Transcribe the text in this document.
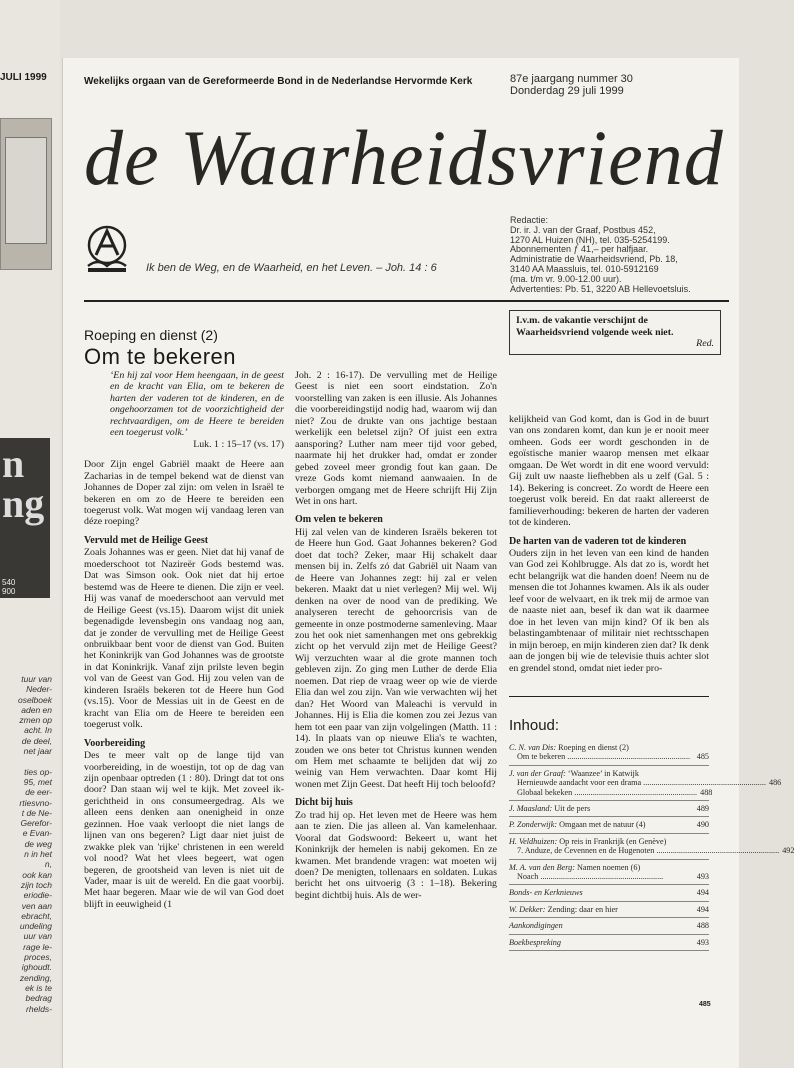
JULI 1999
n
ng
540
900
tuur van
Neder-
oselboek
aden en
zmen op
acht. In
de deel,
net jaar

ties op-
95, met
de eer-
rtiesvno-
t de Ne-
Gerefor-
e Evan-
de weg
n in het
n,
ook kan
zijn toch
eriodie-
ven aan
ebracht,
undeling
uur van
rage le-
proces,
ighoudt.
zending,
ek is te
bedrag
rhelds-
Wekelijks orgaan van de Gereformeerde Bond in de Nederlandse Hervormde Kerk	87e jaargang nummer 30
Donderdag 29 juli 1999
de Waarheidsvriend
Ik ben de Weg, en de Waarheid, en het Leven. – Joh. 14 : 6
Redactie:
Dr. ir. J. van der Graaf, Postbus 452,
1270 AL Huizen (NH), tel. 035-5254199.
Abonnementen ƒ 41,– per halfjaar.
Administratie de Waarheidsvriend, Pb. 18,
3140 AA Maassluis, tel. 010-5912169
(ma. t/m vr. 9.00-12.00 uur).
Advertenties: Pb. 51, 3220 AB Hellevoetsluis.
Roeping en dienst (2)
Om te bekeren

‘En hij zal voor Hem heengaan, in de geest en de kracht van Elia, om te bekeren de harten der vaderen tot de kinderen, en de ongehoorzamen tot de voorzichtigheid der rechtvaardigen, om de Heere te bereiden een toegerust volk.’

Luk. 1 : 15–17 (vs. 17)

Door Zijn engel Gabriël maakt de Heere aan Zacharias in de tempel bekend wat de dienst van Johannes de Doper zal zijn: om velen in Israël te bekeren en om zo de Heere te bereiden een toegerust volk. Wat mogen wij vandaag leren van déze roeping?

Vervuld met de Heilige Geest

Zoals Johannes was er geen. Niet dat hij vanaf de moederschoot tot Nazireër Gods bestemd was. Dat was Simson ook. Ook niet dat hij ertoe bestemd was de Heere te dienen. Die zijn er veel. Hij was vanaf de moederschoot aan vervuld met de Heilige Geest (vs.15). Daarom wijst dit uniek begenadigde levensbegin ons vandaag nog aan, dat je zonder de vervulling met de Heilige Geest onbruikbaar bent voor de dienst van God. Buiten het Koninkrijk van God Johannes was de grootste in dat Koninkrijk. Vanaf zijn prilste leven begin vol van de Geest van God. Hij zou velen van de kinderen Israëls bekeren tot de Heere hun God (vs.15). Voor de Messias uit in de Geest en de kracht van Elia om de Heere te bereiden een toegerust volk.

Voorbereiding

Des te meer valt op de lange tijd van voorbereiding, in de woestijn, tot op de dag van zijn openbaar optreden (1 : 80). Dringt dat tot ons door? Dan staan wij wel te kijk. Met zoveel ik-gerichtheid in ons consumeergedrag. Als we alleen eens denken aan onenigheid in onze gezinnen. Hoe vaak verloopt die niet langs de lijnen van ons begeren? Ligt daar niet juist de zwakke plek van 'rijke' christenen in een wereld vol nood? Wat het vlees begeert, wat ogen begeren, de grootsheid van leven is niet uit de Vader, maar is uit de wereld. En die gaat voorbij. Met haar begeren. Maar wie de wil van God doet blijft in eeuwigheid (1

Joh. 2 : 16-17). De vervulling met de Heilige Geest is niet een soort eindstation. Zo'n voorstelling van zaken is een illusie. Als Johannes die voorbereidingstijd nodig had, waarom wij dan niet? Zou de drukte van ons jachtige bestaan werkelijk een beletsel zijn? Of juist een extra aansporing? Luther nam meer tijd voor gebed, naarmate hij het drukker had, omdat er zonder gebed zoveel meer grondig fout kan gaan. De vreze Gods komt niemand aanwaaien. In de verborgen omgang met de Heere schrijft Hij Zijn Wet in ons hart.

Om velen te bekeren

Hij zal velen van de kinderen Israëls bekeren tot de Heere hun God. Gaat Johannes bekeren? God doet dat toch? Zeker, maar Hij schakelt daar mensen bij in. Zelfs zó dat Gabriël uit Naam van de Heere van Johannes zegt: hij zal er velen bekeren. Maakt dat u niet verlegen? Mij wel. Wij denken na over de nood van de prediking. We analyseren terecht de gehoorcrisis van de gemeente in onze postmoderne samenleving. Maar zou het ook niet samenhangen met ons gebrekkig zicht op het vervuld zijn met de Heilige Geest? Wij verzuchten waar al die grote mannen toch gebleven zijn. Zo ging men Luther de derde Elia noemen. Dat riep de vraag weer op wie de vierde Elia dan wel zou zijn. Van wie verwachten wij het dan? Het Woord van Maleachi is vervuld in Johannes. Hij is Elia die komen zou zei Jezus van hem tot een paar van zijn volgelingen (Matth. 11 : 14). In plaats van op nieuwe Elia's te wachten, zouden we ons beter tot Christus kunnen wenden om Hem met schaamte te belijden dat wij zo weinig van Hem verwachten. Daar komt Hij wonen met Zijn Geest. Dat heeft Hij toch beloofd?

Dicht bij huis

Zo trad hij op. Het leven met de Heere was hem aan te zien. Die jas alleen al. Van kamelenhaar. Vooral dat Godswoord: Bekeert u, want het Koninkrijk der hemelen is nabij gekomen. En ze kwamen. Met brandende vragen: wat moeten wij doen? De menigten, tollenaars en soldaten. Lukas bericht het ons uitvoerig (3 : 1–18). Bekering begint dichtbij huis. Als de wer-

I.v.m. de vakantie verschijnt de Waarheidsvriend volgende week niet.
Red.

kelijkheid van God komt, dan is God in de buurt van ons zondaren komt, dan kun je er nooit meer omheen. Gods eer wordt geschonden in de egoïstische manier waarop mensen met elkaar omgaan. De Wet wordt in dit ene woord vervuld: Gij zult uw naaste liefhebben als u zelf (Gal. 5 : 14). Bekering is concreet. Zo wordt de Heere een toegerust volk bereid. En dat raakt allereerst de familieverhouding: bekeren de harten der vaderen tot de kinderen.

De harten van de vaderen tot de kinderen

Ouders zijn in het leven van een kind de handen van God zei Kohlbrugge. Als dat zo is, wordt het echt belangrijk wat die handen doen! Neem nu de mensen die tot Johannes kwamen. Als ik als ouder leef voor de welvaart, en ik trek mij de armoe van de naaste niet aan, besef ik dan wat ik daarmee doe in het leven van mijn kind? Of ik ben als belastingambtenaar of militair niet rechtsschapen in mijn beroep, en mijn kinderen zien dat? Ik denk aan de jongen bij wie de televisie thuis achter slot en grendel stond, omdat niet ieder pro-

Inhoud:
C. N. van Dis: Roeping en dienst (2)
Om te bekeren ............................................................ 485
J. van der Graaf: ‘Waanzee’ in Katwijk
Hernieuwde aandacht voor een drama ............................................................ 486
Globaal bekeken ............................................................ 488
J. Maasland: Uit de pers	489
P. Zonderwijk: Omgaan met de natuur (4)	490
H. Veldhuizen: Op reis in Frankrijk (en Genève)
7. Anduze, de Cevennen en de Hugenoten ............................................................ 492
M. A. van den Berg: Namen noemen (6)
Noach ............................................................	493
Bonds- en Kerknieuws	494
W. Dekker: Zending: daar en hier	494
Aankondigingen	488
Boekbespreking	493
485
